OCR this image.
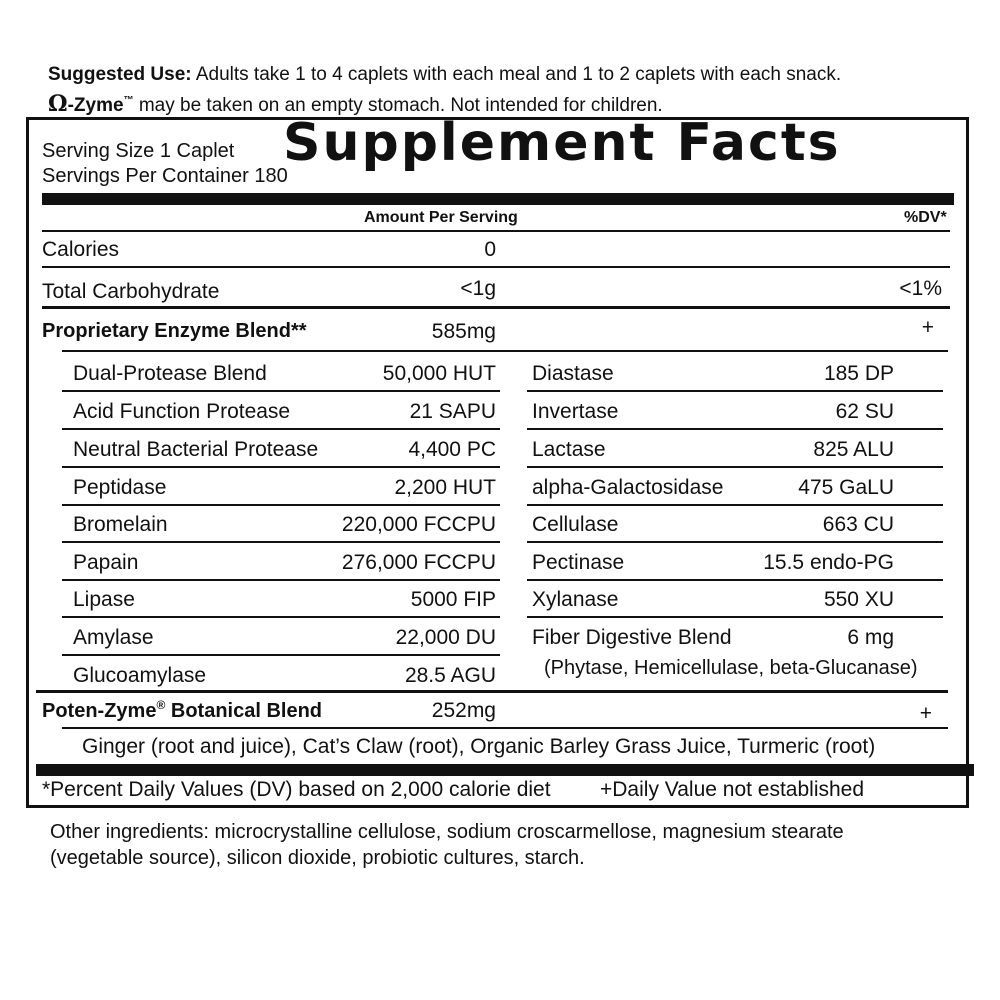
Suggested Use: Adults take 1 to 4 caplets with each meal and 1 to 2 caplets with each snack.
Ω-Zyme™ may be taken on an empty stomach. Not intended for children.
Serving Size 1 Caplet
Servings Per Container 180
Supplement Facts
Amount Per Serving	%DV*
Calories	0
Total Carbohydrate	<1g	<1%
Proprietary Enzyme Blend**	585mg	+
Dual-Protease Blend	50,000 HUT
Acid Function Protease	21 SAPU
Neutral Bacterial Protease	4,400 PC
Peptidase	2,200 HUT
Bromelain	220,000 FCCPU
Papain	276,000 FCCPU
Lipase	5000 FIP
Amylase	22,000 DU
Glucoamylase	28.5 AGU
Diastase	185 DP
Invertase	62 SU
Lactase	825 ALU
alpha-Galactosidase	475 GaLU
Cellulase	663 CU
Pectinase	15.5 endo-PG
Xylanase	550 XU
Fiber Digestive Blend	6 mg
(Phytase, Hemicellulase, beta-Glucanase)
Poten-Zyme® Botanical Blend	252mg	+
Ginger (root and juice), Cat’s Claw (root), Organic Barley Grass Juice, Turmeric (root)
*Percent Daily Values (DV) based on 2,000 calorie diet +Daily Value not established
Other ingredients: microcrystalline cellulose, sodium croscarmellose, magnesium stearate
(vegetable source), silicon dioxide, probiotic cultures, starch.
